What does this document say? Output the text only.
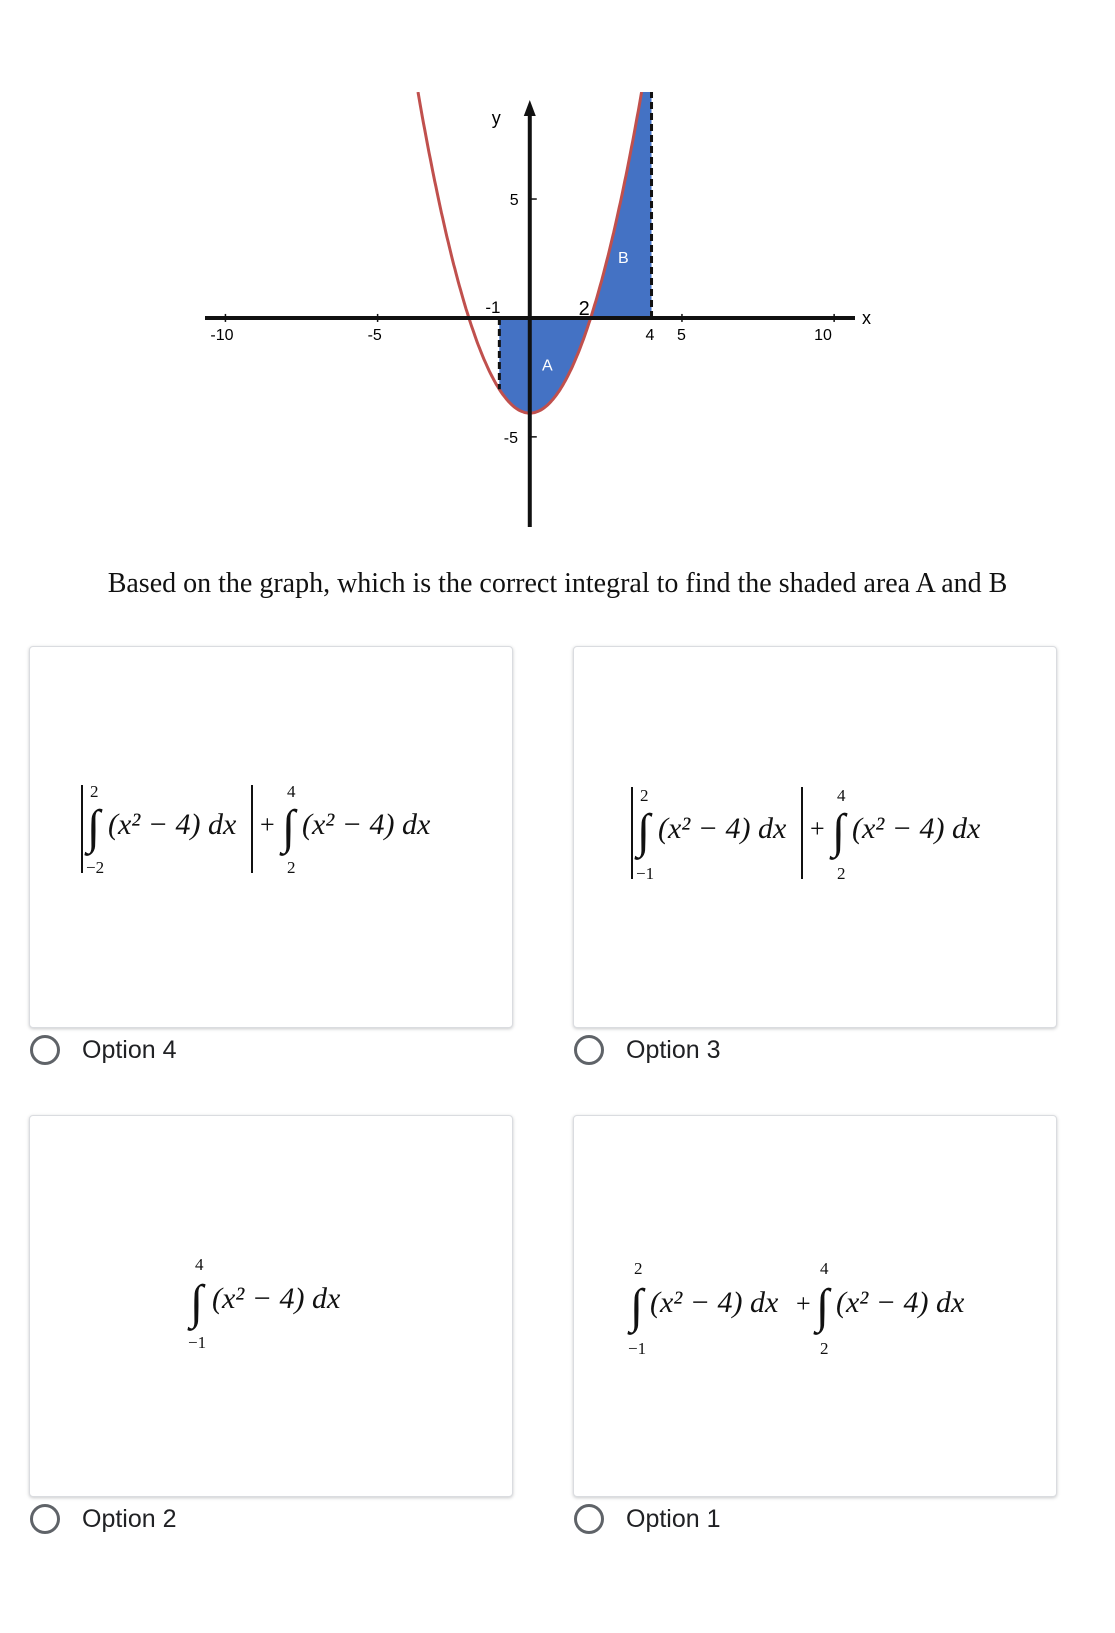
x
y
-10	-5	5	10
5
-5
-1	2
4
A
B
Based on the graph, which is the correct integral to find the shaded area A and B
∫
2
−2
(x² − 4) dx + ∫
4
2
(x² − 4) dx	∫
2
−1
(x² − 4) dx + ∫
4
2
(x² − 4) dx
Option 4	Option 3
∫
4
−1
(x² − 4) dx	∫
2
−1
(x² − 4) dx + ∫
4
2
(x² − 4) dx
Option 2	Option 1
